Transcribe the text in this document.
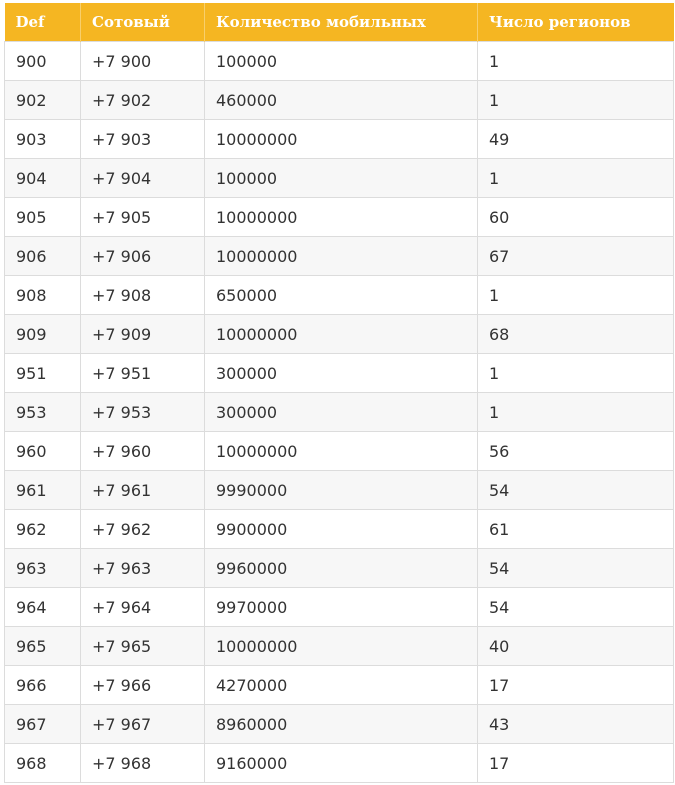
Def	Сотовый	Количество мобильных	Число регионов
900	+7 900	100000	1
902	+7 902	460000	1
903	+7 903	10000000	49
904	+7 904	100000	1
905	+7 905	10000000	60
906	+7 906	10000000	67
908	+7 908	650000	1
909	+7 909	10000000	68
951	+7 951	300000	1
953	+7 953	300000	1
960	+7 960	10000000	56
961	+7 961	9990000	54
962	+7 962	9900000	61
963	+7 963	9960000	54
964	+7 964	9970000	54
965	+7 965	10000000	40
966	+7 966	4270000	17
967	+7 967	8960000	43
968	+7 968	9160000	17
